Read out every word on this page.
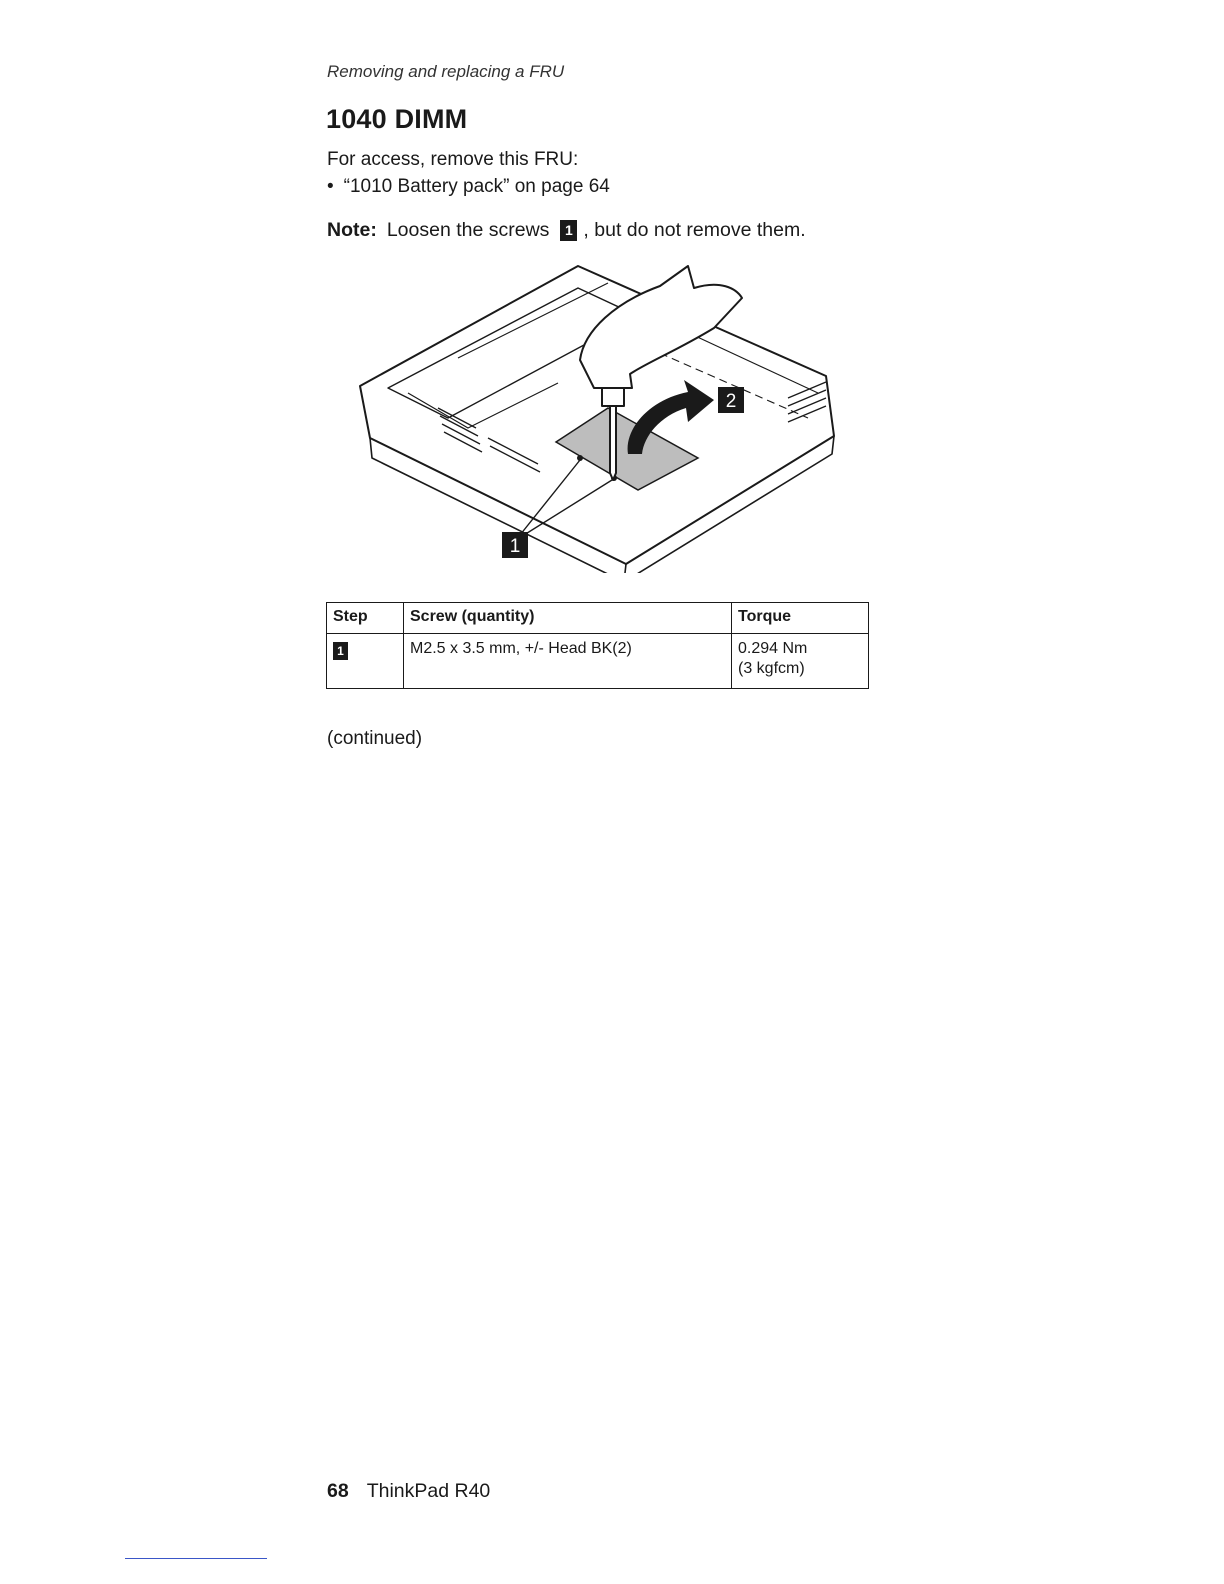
Removing and replacing a FRU
1040 DIMM
For access, remove this FRU:
• “1010 Battery pack” on page 64
Note: Loosen the screws	1 , but do not remove them.
1
2
Step	Screw (quantity)	Torque
1	M2.5 x 3.5 mm, +/- Head BK(2)	0.294 Nm
(3 kgfcm)
(continued)
68 ThinkPad R40
